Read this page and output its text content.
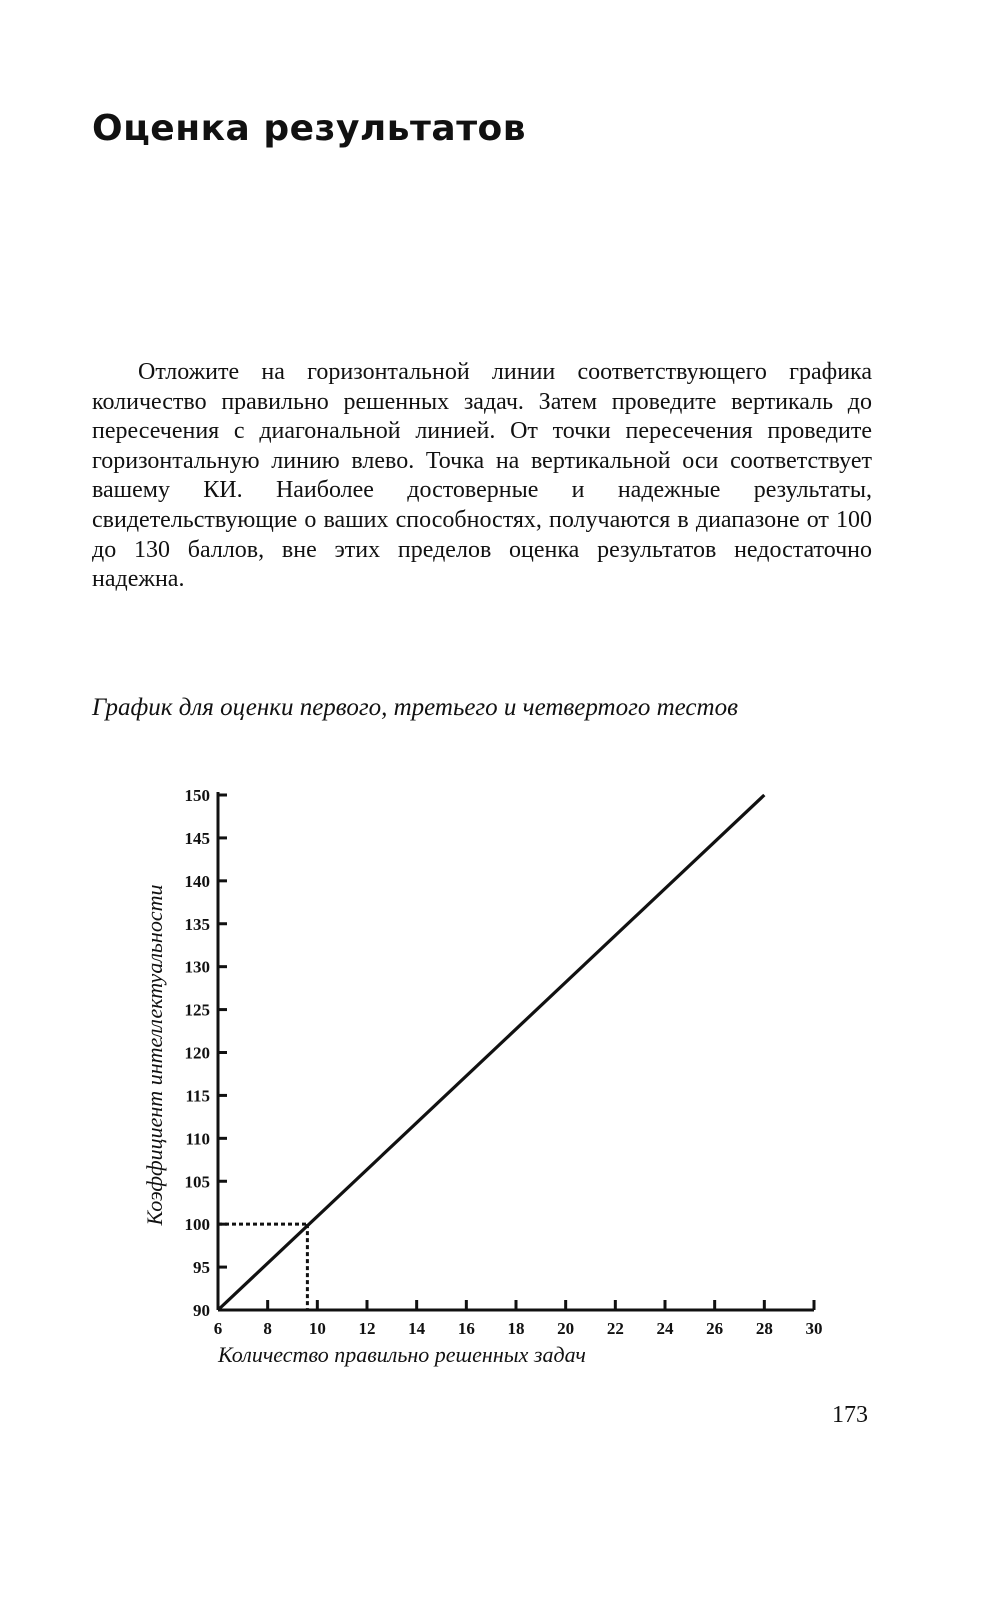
Оценка результатов

Отложите на горизонтальной линии соответствующего графика количество правильно решенных задач. Затем проведите вертикаль до пересечения с диагональной линией. От точки пересечения проведите горизонтальную линию влево. Точка на вертикальной оси соответствует вашему КИ. Наиболее достоверные и надежные результаты, свидетельствующие о ваших способностях, получаются в диапазоне от 100 до 130 баллов, вне этих пределов оценка результатов недостаточно надежна.

График для оценки первого, третьего и четвертого тестов

90
95
100
105
110
115
120
125
130
135
140
145
150
6 8 10 12 14 16 18 20 22 24 26 28 30
Коэффициент интеллектуальности
Количество правильно решенных задач
173
